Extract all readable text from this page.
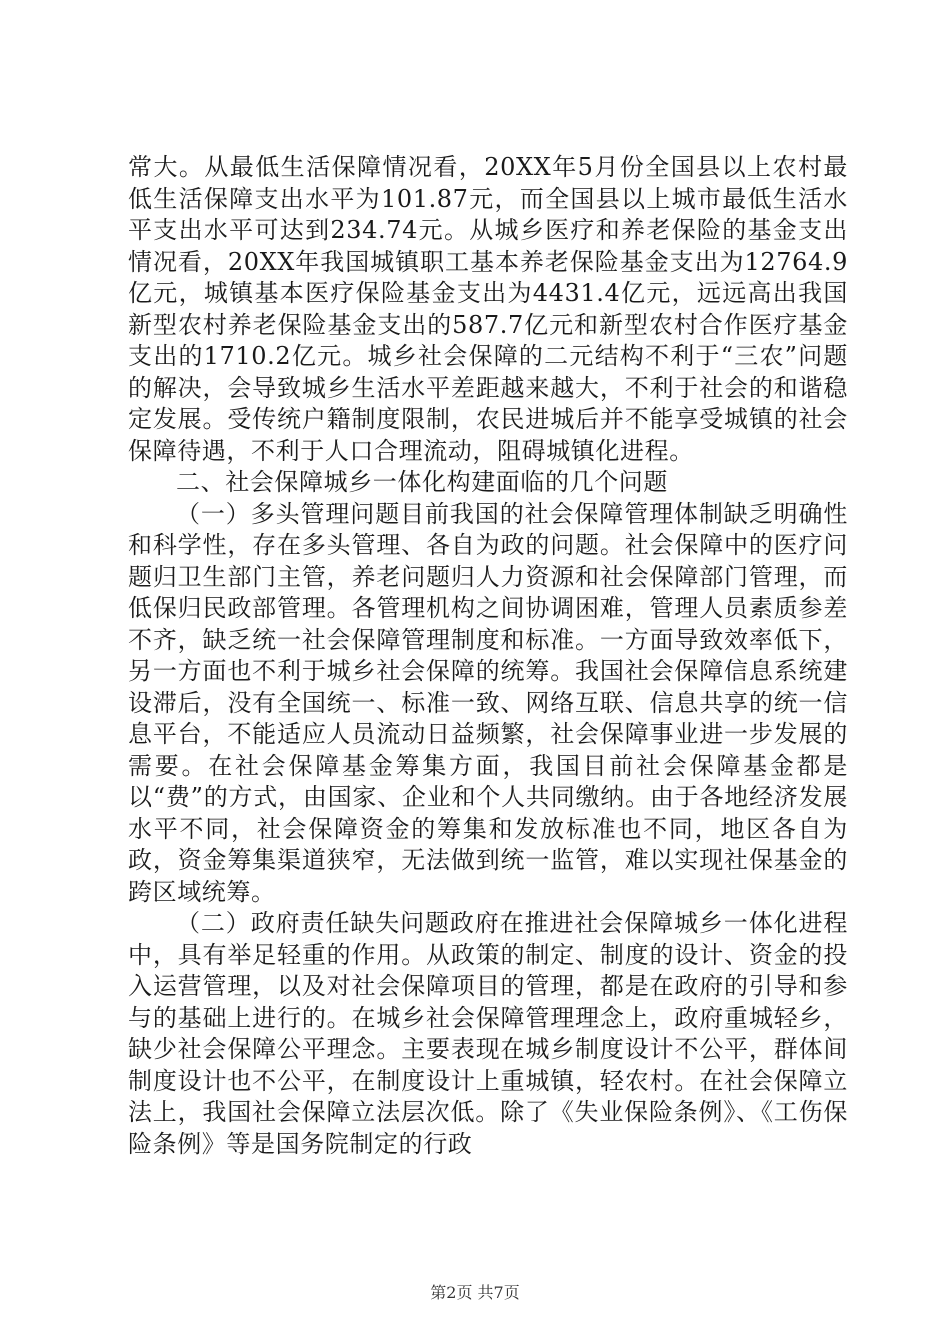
常大。从最低生活保障情况看，20XX年5月份全国县以上农村最低生活保障支出水平为101.87元，而全国县以上城市最低生活水平支出水平可达到234.74元。从城乡医疗和养老保险的基金支出情况看，20XX年我国城镇职工基本养老保险基金支出为12764.9亿元，城镇基本医疗保险基金支出为4431.4亿元，远远高出我国新型农村养老保险基金支出的587.7亿元和新型农村合作医疗基金支出的1710.2亿元。城乡社会保障的二元结构不利于“三农”问题的解决，会导致城乡生活水平差距越来越大，不利于社会的和谐稳定发展。受传统户籍制度限制，农民进城后并不能享受城镇的社会保障待遇，不利于人口合理流动，阻碍城镇化进程。

二、社会保障城乡一体化构建面临的几个问题

（一）多头管理问题目前我国的社会保障管理体制缺乏明确性和科学性，存在多头管理、各自为政的问题。社会保障中的医疗问题归卫生部门主管，养老问题归人力资源和社会保障部门管理，而低保归民政部管理。各管理机构之间协调困难，管理人员素质参差不齐，缺乏统一社会保障管理制度和标准。一方面导致效率低下，另一方面也不利于城乡社会保障的统筹。我国社会保障信息系统建设滞后，没有全国统一、标准一致、网络互联、信息共享的统一信息平台，不能适应人员流动日益频繁，社会保障事业进一步发展的需要。在社会保障基金筹集方面，我国目前社会保障基金都是以“费”的方式，由国家、企业和个人共同缴纳。由于各地经济发展水平不同，社会保障资金的筹集和发放标准也不同，地区各自为政，资金筹集渠道狭窄，无法做到统一监管，难以实现社保基金的跨区域统筹。

（二）政府责任缺失问题政府在推进社会保障城乡一体化进程中，具有举足轻重的作用。从政策的制定、制度的设计、资金的投入运营管理，以及对社会保障项目的管理，都是在政府的引导和参与的基础上进行的。在城乡社会保障管理理念上，政府重城轻乡，缺少社会保障公平理念。主要表现在城乡制度设计不公平，群体间制度设计也不公平，在制度设计上重城镇，轻农村。在社会保障立法上，我国社会保障立法层次低。除了《失业保险条例》、《工伤保险条例》等是国务院制定的行政

第2页 共7页
